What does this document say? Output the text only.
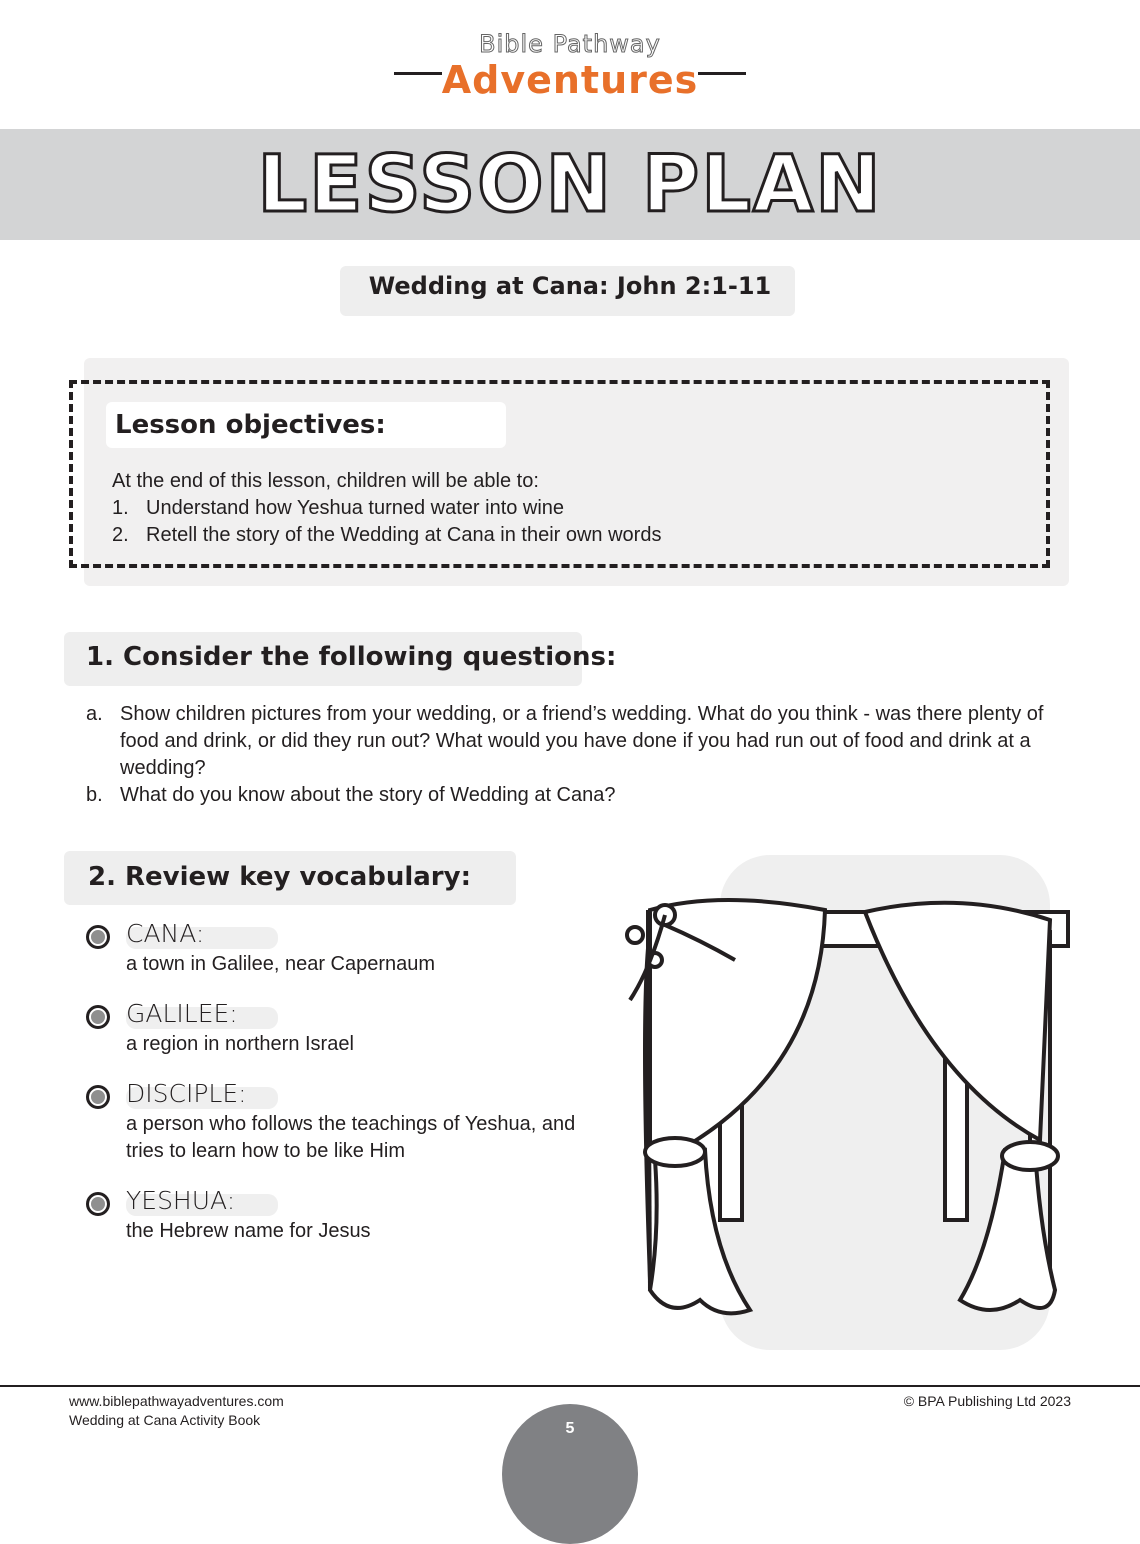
Bible Pathway
Adventures
LESSON PLAN
Wedding at Cana: John 2:1-11
Lesson objectives:
At the end of this lesson, children will be able to:
1. Understand how Yeshua turned water into wine
2. Retell the story of the Wedding at Cana in their own words
1. Consider the following questions:
a. Show children pictures from your wedding, or a friend’s wedding. What do you think - was there plenty of food and drink, or did they run out? What would you have done if you had run out of food and drink at a wedding?
b. What do you know about the story of Wedding at Cana?
2. Review key vocabulary:
CANA:
a town in Galilee, near Capernaum
GALILEE:
a region in northern Israel
DISCIPLE:
a person who follows the teachings of Yeshua, and tries to learn how to be like Him
YESHUA:
the Hebrew name for Jesus
www.biblepathwayadventures.com
Wedding at Cana Activity Book
© BPA Publishing Ltd 2023
5
